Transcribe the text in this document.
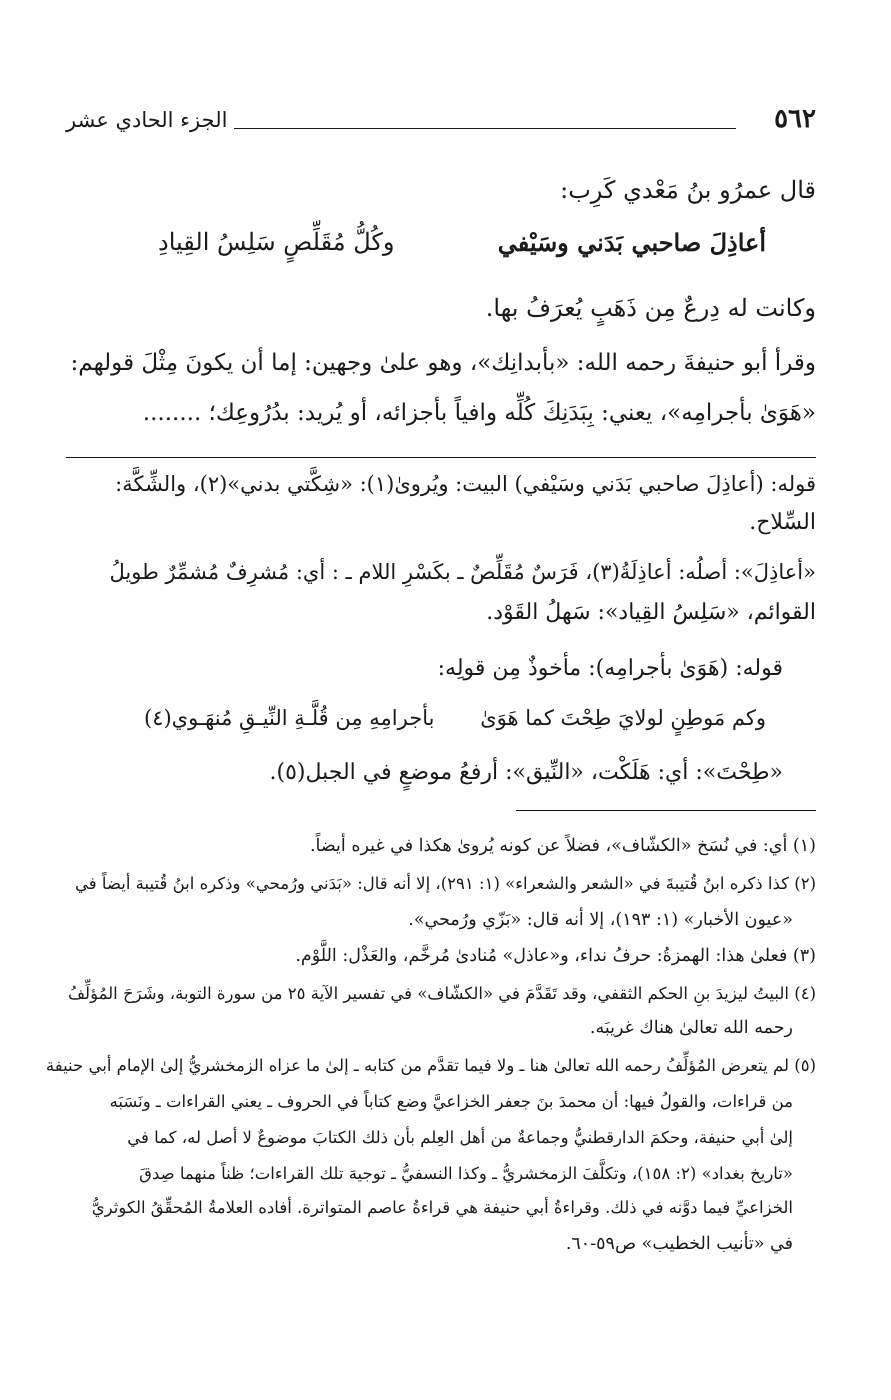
٥٦٢
الجزء الحادي عشر
قال عمرُو بنُ مَعْدي كَرِب:
أعاذِلَ صاحبي بَدَني وسَيْفي
وكُلُّ مُقَلِّصٍ سَلِسُ القِيادِ
وكانت له دِرعٌ مِن ذَهَبٍ يُعرَفُ بها.
وقرأ أبو حنيفةَ رحمه الله: «بأبدانِك»، وهو علىٰ وجهين: إما أن يكونَ مِثْلَ قولهم:
«هَوَىٰ بأجرامِه»، يعني: بِبَدَنِكَ كُلِّه وافياً بأجزائه، أو يُريد: بدُرُوعِك؛ ........
قوله: (أعاذِلَ صاحبي بَدَني وسَيْفي) البيت: ويُروىٰ(١): «شِكَّتي بدني»(٢)، والشِّكَّة:
السِّلاح.
«أعاذِلَ»: أصلُه: أعاذِلَةُ(٣)، فَرَسٌ مُقَلِّصٌ ـ بكَسْرِ اللام ـ : أي: مُشرِفٌ مُشمِّرٌ طويلُ
القوائم، «سَلِسُ القِياد»: سَهلُ القَوْد.
قوله: (هَوَىٰ بأجرامِه): مأخوذٌ مِن قولِه:
وكم مَوطِنٍ لولايَ طِحْتَ كما هَوَىٰ
بأجرامِهِ مِن قُلَّـةِ النِّيـقِ مُنهَـوي(٤)
«طِحْتَ»: أي: هَلَكْت، «النِّيق»: أرفعُ موضعٍ في الجبل(٥).
(١) أي: في نُسَخ «الكشّاف»، فضلاً عن كونه يُروىٰ هكذا في غيره أيضاً.
(٢) كذا ذكره ابنُ قُتيبةَ في «الشعر والشعراء» (١: ٢٩١)، إلا أنه قال: «بَدَني ورُمحي» وذكره ابنُ قُتيبة أيضاً في
«عيون الأخبار» (١: ١٩٣)، إلا أنه قال: «بَزّي ورُمحي».
(٣) فعلىٰ هذا: الهمزةُ: حرفُ نداء، و«عاذل» مُنادىٰ مُرخَّم، والعَذْل: اللَّوْم.
(٤) البيتُ ليزيدَ بنِ الحكم الثقفي، وقد تَقَدَّمَ في «الكشّاف» في تفسير الآية ٢٥ من سورة التوبة، وشَرَحَ المُؤلِّفُ
رحمه الله تعالىٰ هناك غريبَه.
(٥) لم يتعرض المُؤلِّفُ رحمه الله تعالىٰ هنا ـ ولا فيما تقدَّم من كتابه ـ إلىٰ ما عزاه الزمخشريُّ إلىٰ الإمام أبي حنيفة
من قراءات، والقولُ فيها: أن محمدَ بنَ جعفر الخزاعيَّ وضع كتاباً في الحروف ـ يعني القراءات ـ ونَسَبَه
إلىٰ أبي حنيفة، وحكمَ الدارقطنيُّ وجماعةٌ من أهل العِلم بأن ذلك الكتابَ موضوعٌ لا أصل له، كما في
«تاريخ بغداد» (٢: ١٥٨)، وتكلَّفَ الزمخشريُّ ـ وكذا النسفيُّ ـ توجيهَ تلك القراءات؛ ظناً منهما صِدقَ
الخزاعيِّ فيما دوَّنه في ذلك. وقراءةُ أبي حنيفة هي قراءةُ عاصم المتواترة. أفاده العلامةُ المُحقِّقُ الكوثريُّ
في «تأنيب الخطيب» ص٥٩-٦٠.
